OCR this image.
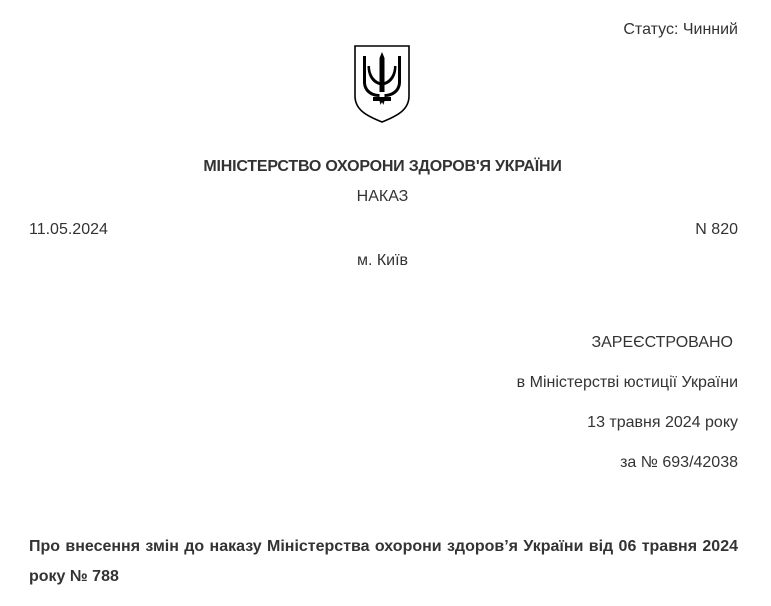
Статус: Чинний
МІНІСТЕРСТВО ОХОРОНИ ЗДОРОВ'Я УКРАЇНИ
НАКАЗ
11.05.2024	N 820
м. Київ
ЗАРЕЄСТРОВАНО
в Міністерстві юстиції України
13 травня 2024 року
за № 693/42038
Про внесення змін до наказу Міністерства охорони здоров’я України від 06 травня 2024 року № 788
